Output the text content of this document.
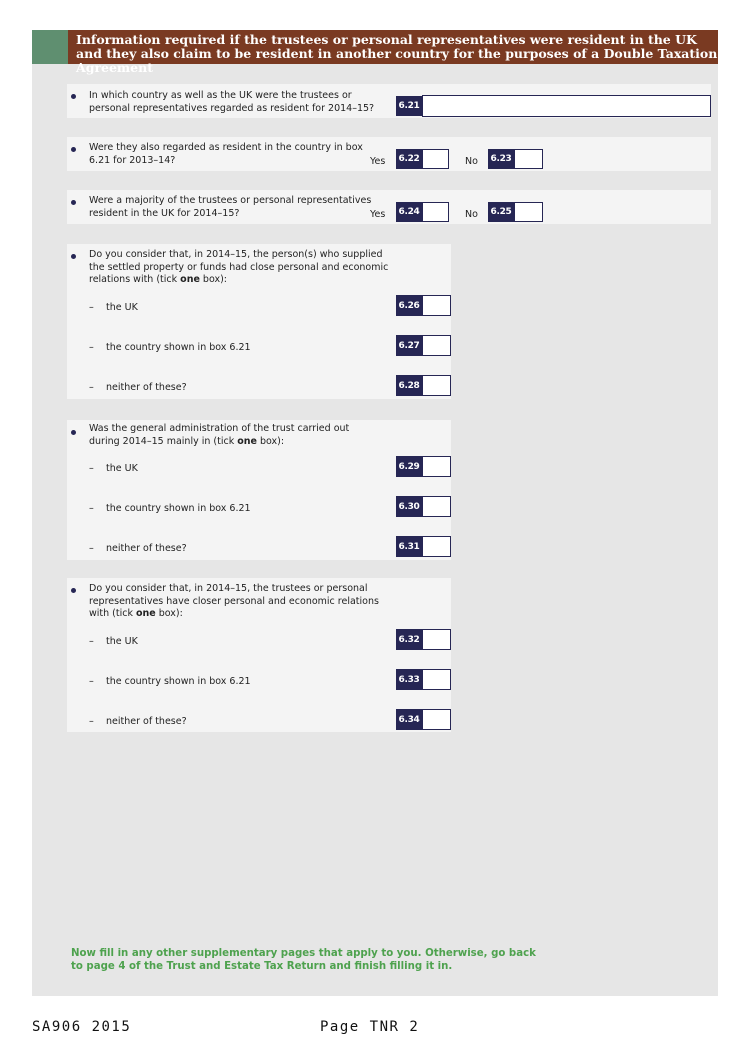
Information required if the trustees or personal representatives were resident in the UK and they also claim to be resident in another country for the purposes of a Double Taxation Agreement
In which country as well as the UK were the trustees or personal representatives regarded as resident for 2014–15?	6.21
Were they also regarded as resident in the country in box 6.21 for 2013–14?	Yes 6.22	No 6.23
Were a majority of the trustees or personal representatives resident in the UK for 2014–15?	Yes 6.24	No 6.25
Do you consider that, in 2014–15, the person(s) who supplied the settled property or funds had close personal and economic relations with (tick one box):
– the UK	6.26
– the country shown in box 6.21	6.27
– neither of these?	6.28
Was the general administration of the trust carried out during 2014–15 mainly in (tick one box):
– the UK	6.29
– the country shown in box 6.21	6.30
– neither of these?	6.31
Do you consider that, in 2014–15, the trustees or personal representatives have closer personal and economic relations with (tick one box):
– the UK	6.32
– the country shown in box 6.21	6.33
– neither of these?	6.34
Now fill in any other supplementary pages that apply to you. Otherwise, go back to page 4 of the Trust and Estate Tax Return and finish filling it in.
SA906 2015	Page TNR 2
